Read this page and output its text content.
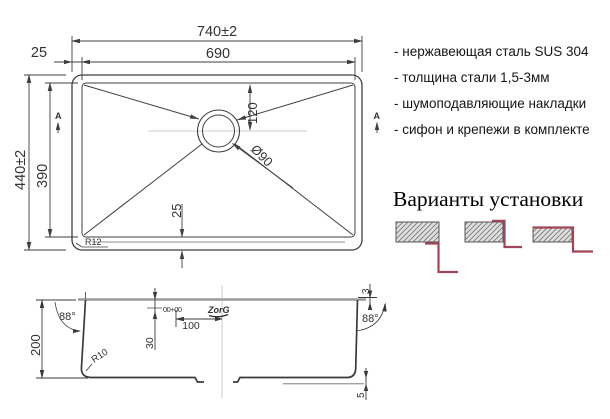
740±2
690
25
440±2 390
120
Ø90
25
R12
A	A
200
88°
R10
30
100
00+00	ZorG
3
88°
5
- нержавеющая сталь SUS 304
- толщина стали 1,5-3мм
- шумоподавляющие накладки
- сифон и крепежи в комплекте
Варианты установки
